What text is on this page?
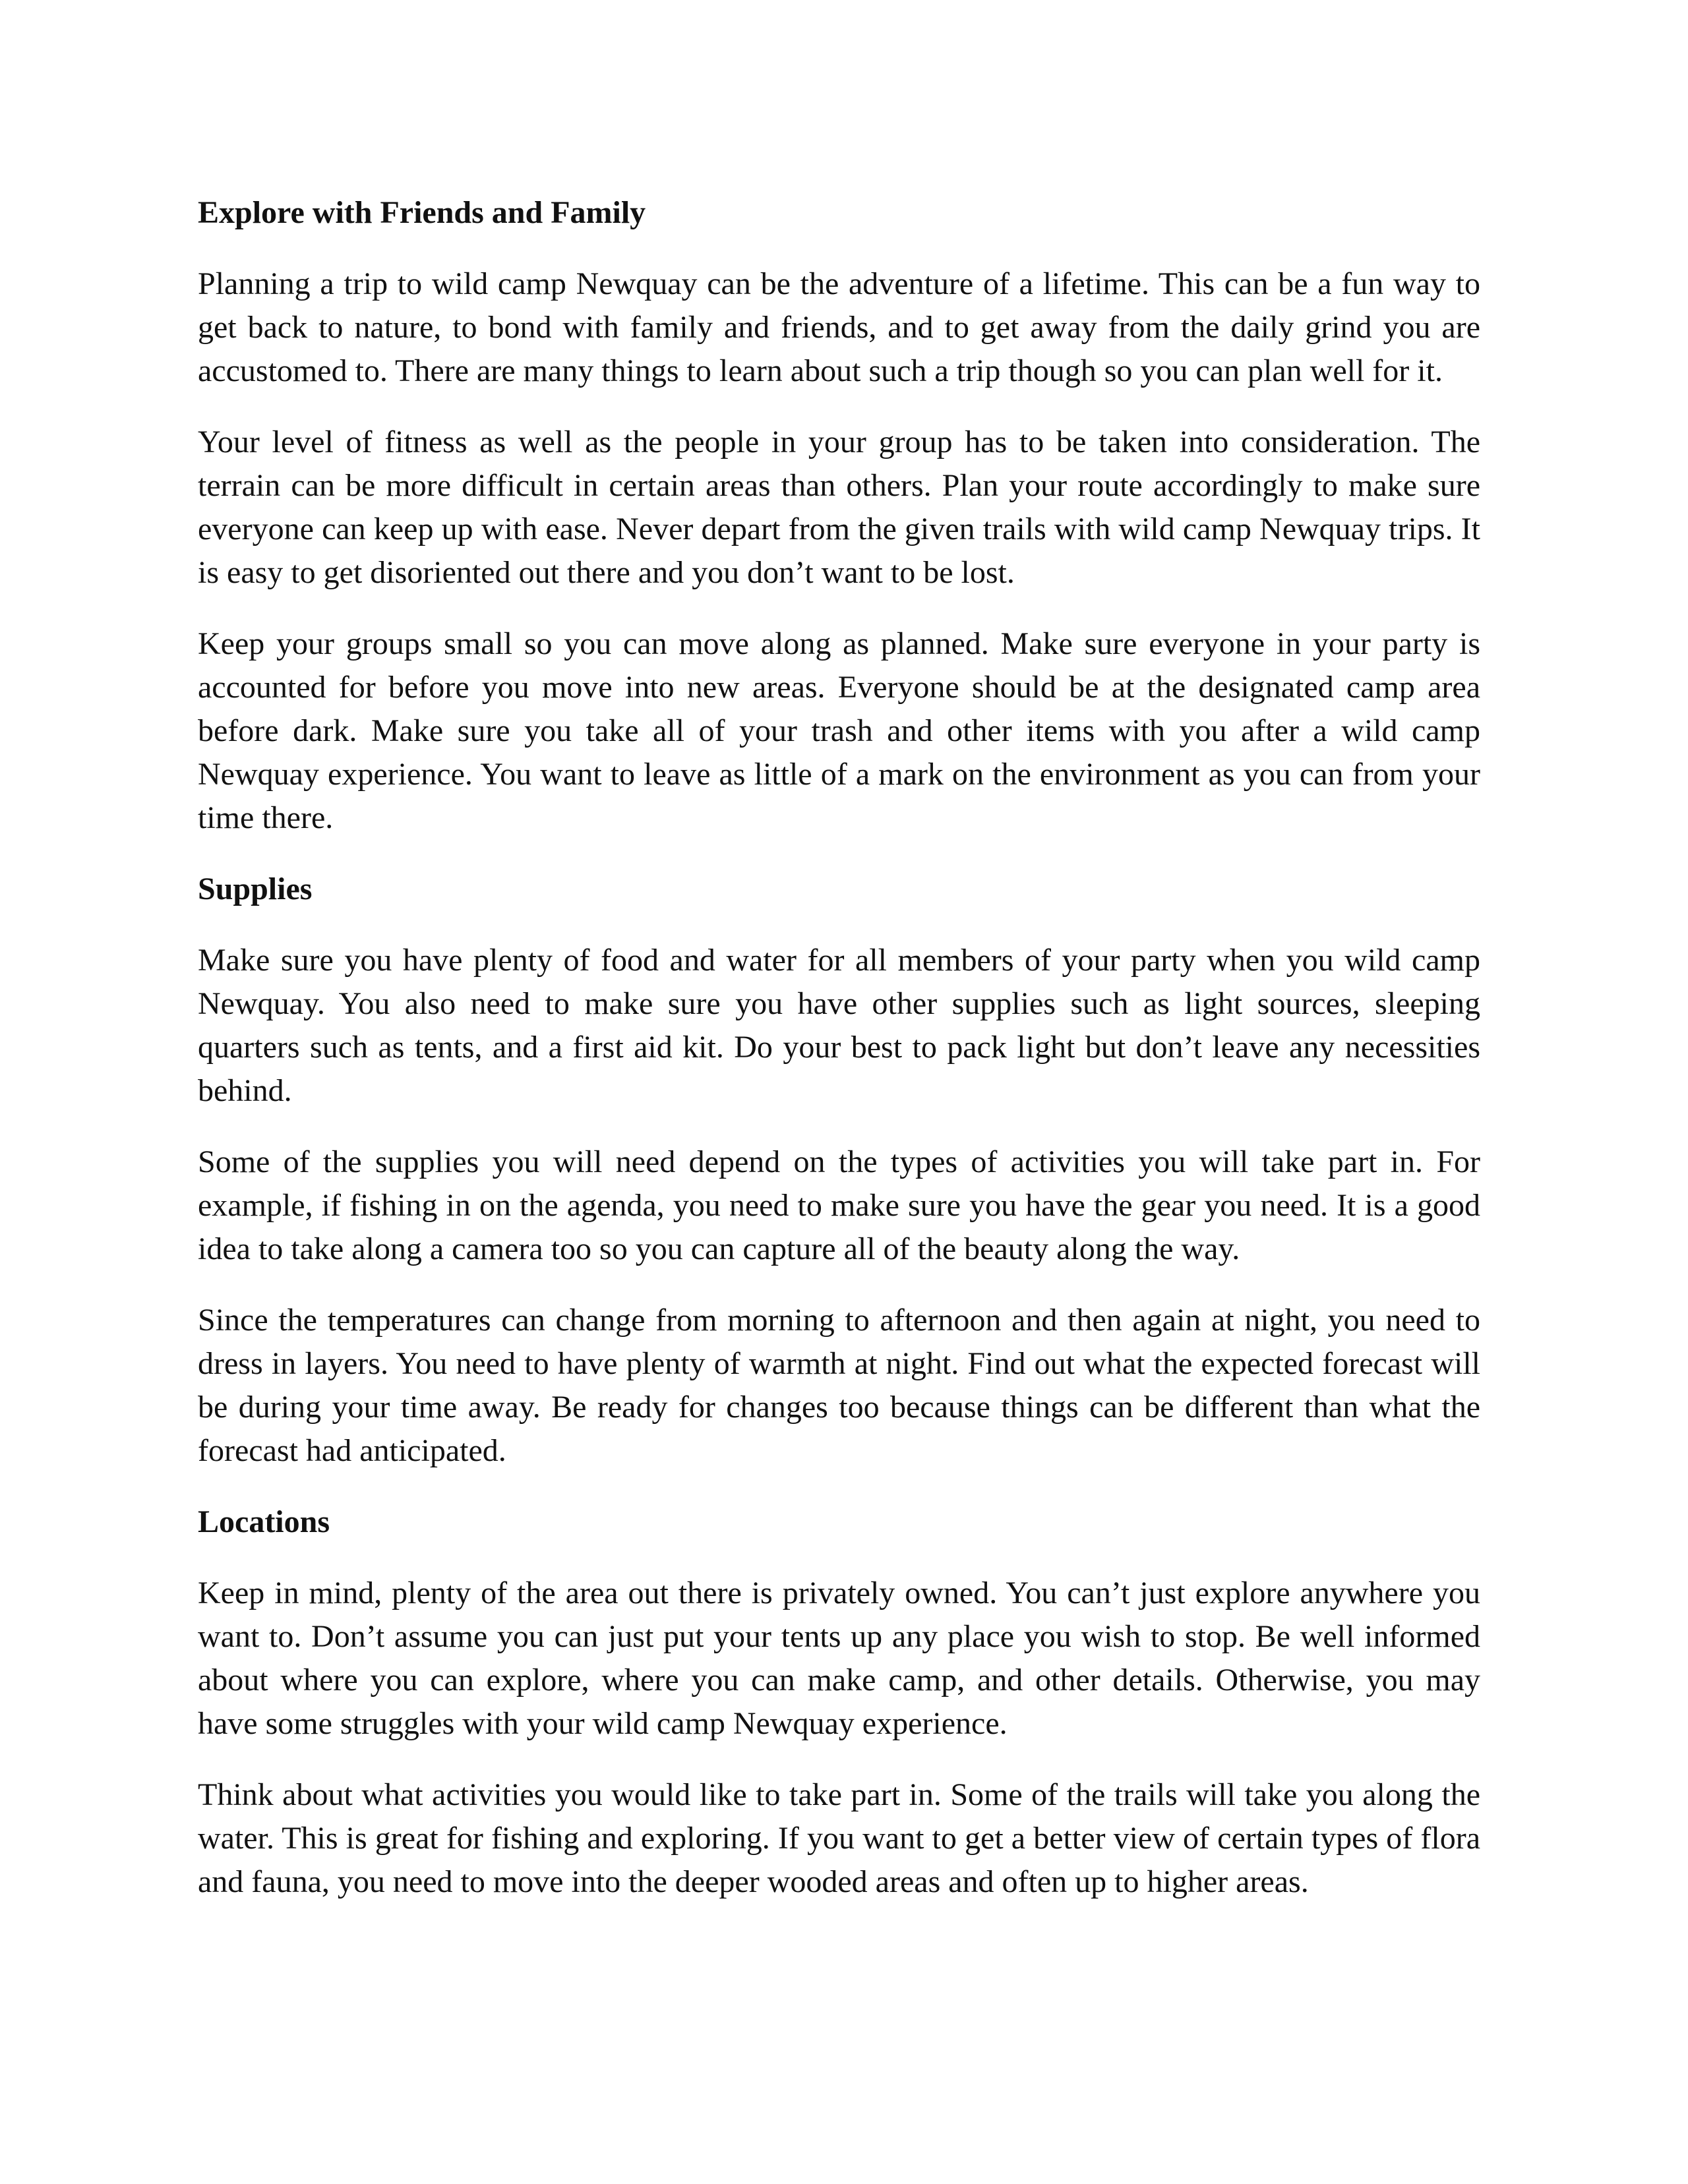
Explore with Friends and Family

Planning a trip to wild camp Newquay can be the adventure of a lifetime. This can be a fun way to get back to nature, to bond with family and friends, and to get away from the daily grind you are accustomed to. There are many things to learn about such a trip though so you can plan well for it.

Your level of fitness as well as the people in your group has to be taken into consideration. The terrain can be more difficult in certain areas than others. Plan your route accordingly to make sure everyone can keep up with ease. Never depart from the given trails with wild camp Newquay trips. It is easy to get disoriented out there and you don’t want to be lost.

Keep your groups small so you can move along as planned. Make sure everyone in your party is accounted for before you move into new areas. Everyone should be at the designated camp area before dark. Make sure you take all of your trash and other items with you after a wild camp Newquay experience. You want to leave as little of a mark on the environment as you can from your time there.

Supplies

Make sure you have plenty of food and water for all members of your party when you wild camp Newquay. You also need to make sure you have other supplies such as light sources, sleeping quarters such as tents, and a first aid kit. Do your best to pack light but don’t leave any necessities behind.

Some of the supplies you will need depend on the types of activities you will take part in. For example, if fishing in on the agenda, you need to make sure you have the gear you need. It is a good idea to take along a camera too so you can capture all of the beauty along the way.

Since the temperatures can change from morning to afternoon and then again at night, you need to dress in layers. You need to have plenty of warmth at night. Find out what the expected forecast will be during your time away. Be ready for changes too because things can be different than what the forecast had anticipated.

Locations

Keep in mind, plenty of the area out there is privately owned. You can’t just explore anywhere you want to. Don’t assume you can just put your tents up any place you wish to stop. Be well informed about where you can explore, where you can make camp, and other details. Otherwise, you may have some struggles with your wild camp Newquay experience.

Think about what activities you would like to take part in. Some of the trails will take you along the water. This is great for fishing and exploring. If you want to get a better view of certain types of flora and fauna, you need to move into the deeper wooded areas and often up to higher areas.
